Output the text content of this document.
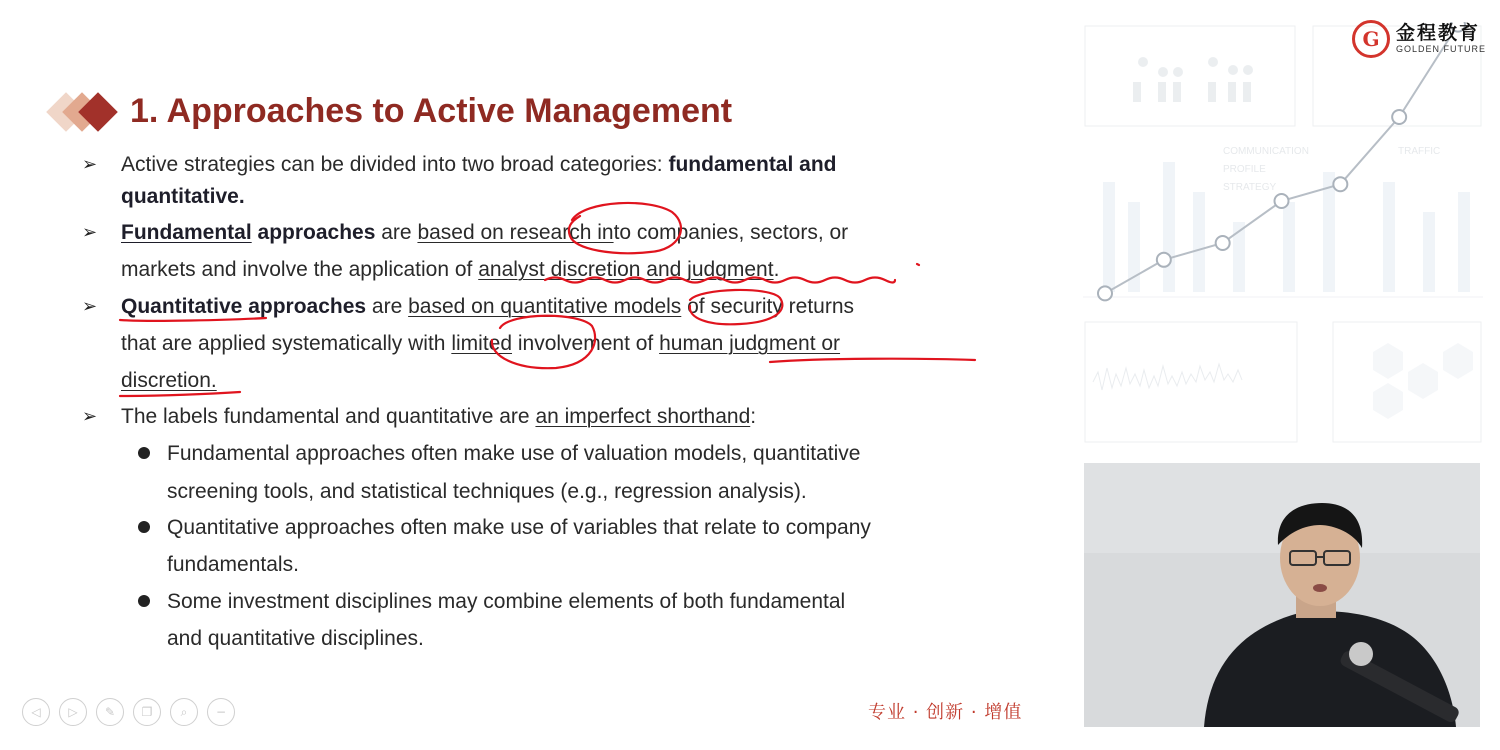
1. Approaches to Active Management
➢ Active strategies can be divided into two broad categories: fundamental and
quantitative.
➢ Fundamental approaches are based on research into companies, sectors, or
markets and involve the application of analyst discretion and judgment.
➢ Quantitative approaches are based on quantitative models of security returns
that are applied systematically with limited involvement of human judgment or
discretion.
➢ The labels fundamental and quantitative are an imperfect shorthand:
Fundamental approaches often make use of valuation models, quantitative
screening tools, and statistical techniques (e.g., regression analysis).
Quantitative approaches often make use of variables that relate to company
fundamentals.
Some investment disciplines may combine elements of both fundamental
and quantitative disciplines.
COMMUNICATION
PROFILE
STRATEGY
TRAFFIC
G 金程教育
GOLDEN FUTURE
◁	▷	✎	❐	⌕	−	专业 · 创新 · 增值
